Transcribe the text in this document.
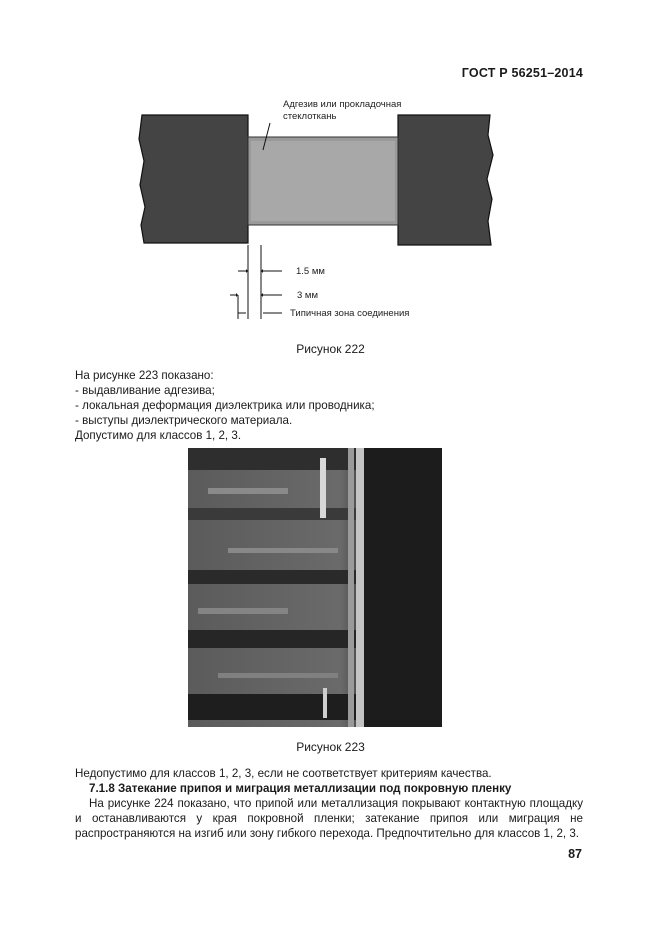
ГОСТ Р 56251–2014
Адгезив или прокладочная
стеклоткань
1.5 мм
3 мм
Типичная зона соединения
Рисунок 222

На рисунке 223 показано:

- выдавливание адгезива;

- локальная деформация диэлектрика или проводника;

- выступы диэлектрического материала.

Допустимо для классов 1, 2, 3.

Рисунок 223

Недопустимо для классов 1, 2, 3, если не соответствует критериям качества.

7.1.8 Затекание припоя и миграция металлизации под покровную пленку

На рисунке 224 показано, что припой или металлизация покрывают контактную площадку и останавливаются у края покровной пленки; затекание припоя или миграция не распространяются на изгиб или зону гибкого перехода. Предпочтительно для классов 1, 2, 3.

87
